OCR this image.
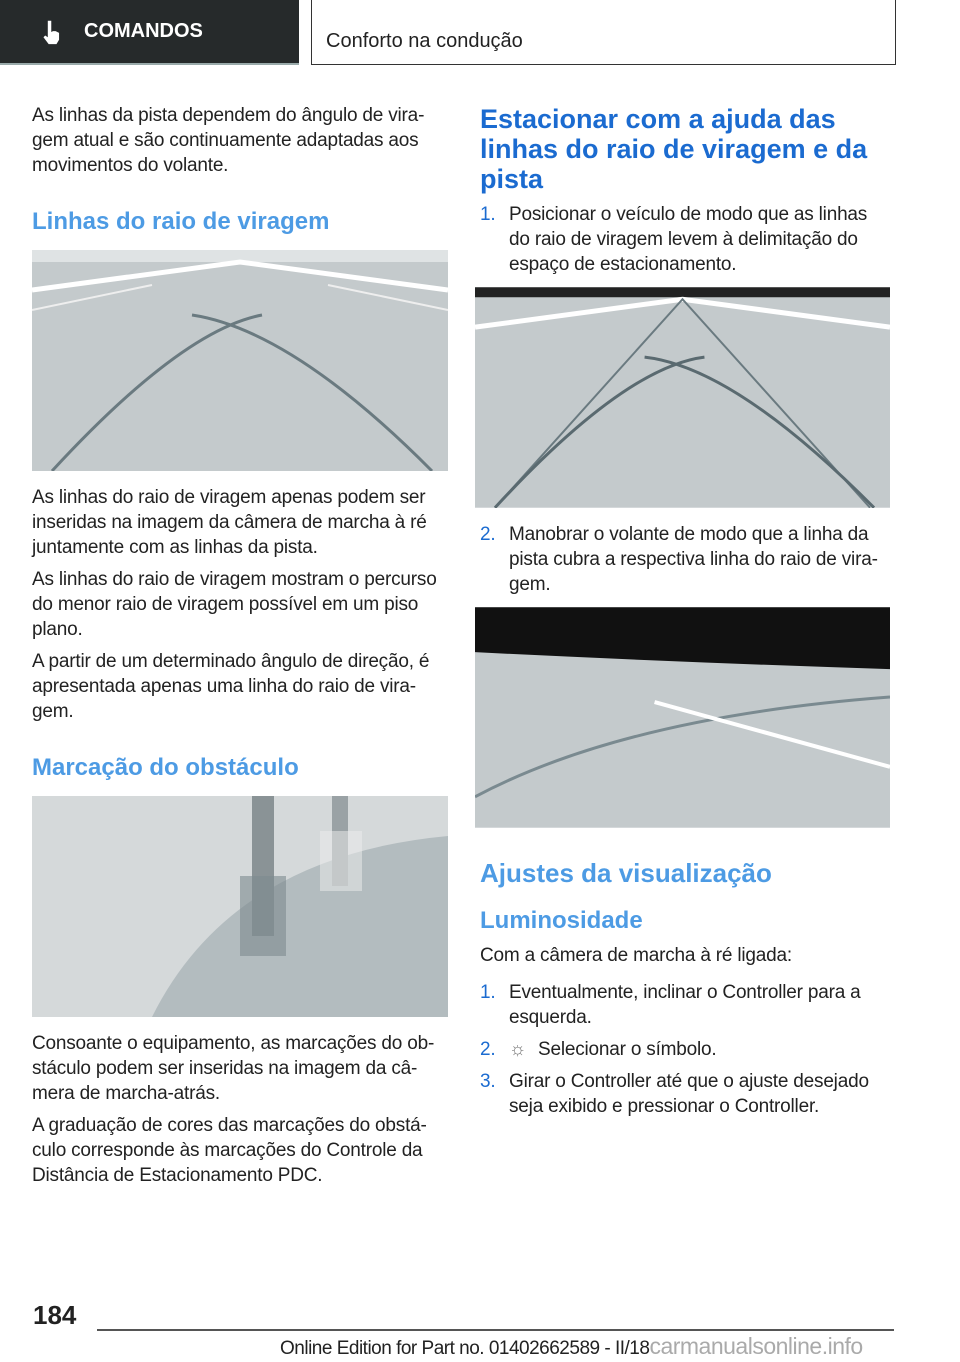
COMANDOS	Conforto na condução

As linhas da pista dependem do ângulo de viragem atual e são continuamente adaptadas aos movimentos do volante.

Linhas do raio de viragem

As linhas do raio de viragem apenas podem ser inseridas na imagem da câmera de marcha à ré juntamente com as linhas da pista.

As linhas do raio de viragem mostram o percurso do menor raio de viragem possível em um piso plano.

A partir de um determinado ângulo de direção, é apresentada apenas uma linha do raio de viragem.

Marcação do obstáculo

Consoante o equipamento, as marcações do obstáculo podem ser inseridas na imagem da câmera de marcha-atrás.

A graduação de cores das marcações do obstáculo corresponde às marcações do Controle da Distância de Estacionamento PDC.

Estacionar com a ajuda das linhas do raio de viragem e da pista
1. Posicionar o veículo de modo que as linhas do raio de viragem levem à delimitação do espaço de estacionamento.
2. Manobrar o volante de modo que a linha da pista cubra a respectiva linha do raio de viragem.
Ajustes da visualização
Luminosidade

Com a câmera de marcha à ré ligada:

1. Eventualmente, inclinar o Controller para a esquerda.
2. ☼ Selecionar o símbolo.
3. Girar o Controller até que o ajuste desejado seja exibido e pressionar o Controller.
184
Online Edition for Part no. 01402662589 - II/18carmanualsonline.info
